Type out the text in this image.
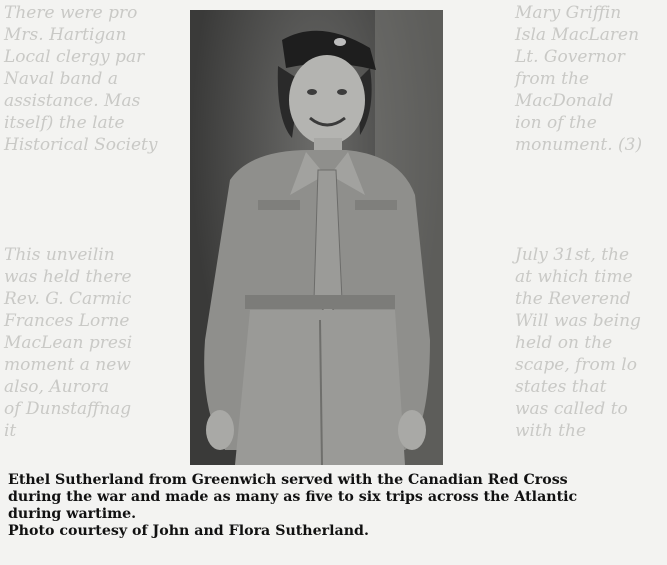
There were pro
Mrs. Hartigan
Local clergy par
Naval band a
assistance. Mas
itself) the late
Historical Society
Mary Griffin
Isla MacLaren
Lt. Governor
from the
MacDonald
ion of the
monument. (3)
This unveilin
was held there
Rev. G. Carmic
Frances Lorne
MacLean presi
moment a new
also, Aurora
of Dunstaffnag
it
July 31st, the
at which time
the Reverend
Will was being
held on the
scape, from lo
states that
was called to
with the
Ethel Sutherland from Greenwich served with the Canadian Red Cross
during the war and made as many as five to six trips across the Atlantic
during wartime.
Photo courtesy of John and Flora Sutherland.
